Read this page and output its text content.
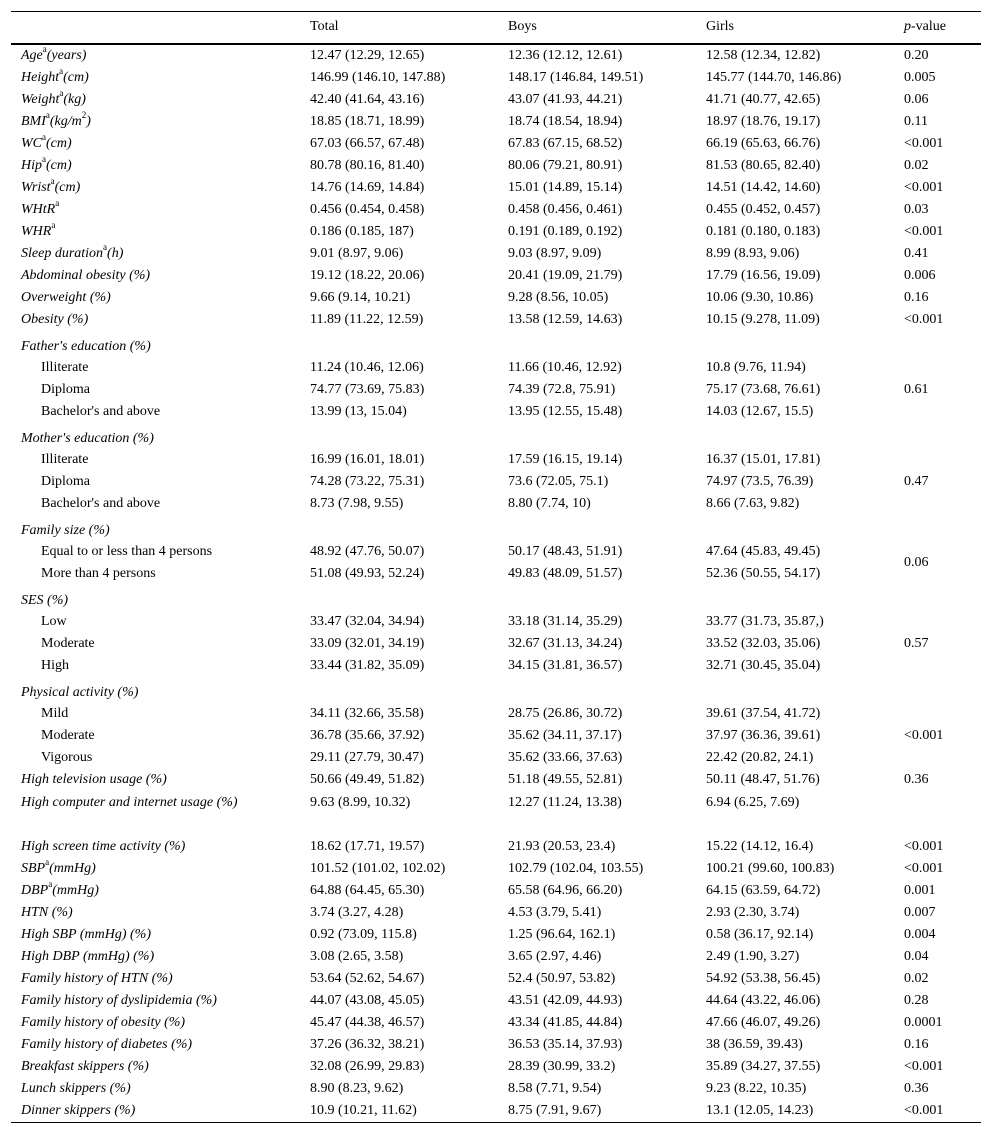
	Total	Boys	Girls	p-value
Age$^a$(years)	12.47 (12.29, 12.65)	12.36 (12.12, 12.61)	12.58 (12.34, 12.82)	0.20
Height$^a$(cm)	146.99 (146.10, 147.88)	148.17 (146.84, 149.51)	145.77 (144.70, 146.86)	0.005
Weight$^a$(kg)	42.40 (41.64, 43.16)	43.07 (41.93, 44.21)	41.71 (40.77, 42.65)	0.06
$BMI^a(kg/m^2)$	18.85 (18.71, 18.99)	18.74 (18.54, 18.94)	18.97 (18.76, 19.17)	0.11
$WC^a(cm)$	67.03 (66.57, 67.48)	67.83 (67.15, 68.52)	66.19 (65.63, 66.76)	<0.001
Hip$^a$(cm)	80.78 (80.16, 81.40)	80.06 (79.21, 80.91)	81.53 (80.65, 82.40)	0.02
Wrist$^a$(cm)	14.76 (14.69, 14.84)	15.01 (14.89, 15.14)	14.51 (14.42, 14.60)	<0.001
WHtR$^a$	0.456 (0.454, 0.458)	0.458 (0.456, 0.461)	0.455 (0.452, 0.457)	0.03
WHR$^a$	0.186 (0.185, 187)	0.191 (0.189, 0.192)	0.181 (0.180, 0.183)	<0.001
Sleep duration$^a$(h)	9.01 (8.97, 9.06)	9.03 (8.97, 9.09)	8.99 (8.93, 9.06)	0.41
Abdominal obesity (%)	19.12 (18.22, 20.06)	20.41 (19.09, 21.79)	17.79 (16.56, 19.09)	0.006
Overweight (%)	9.66 (9.14, 10.21)	9.28 (8.56, 10.05)	10.06 (9.30, 10.86)	0.16
Obesity (%)	11.89 (11.22, 12.59)	13.58 (12.59, 14.63)	10.15 (9.278, 11.09)	<0.001
Father's education (%)				
Illiterate	11.24 (10.46, 12.06)	11.66 (10.46, 12.92)	10.8 (9.76, 11.94)	0.61
Diploma	74.77 (73.69, 75.83)	74.39 (72.8, 75.91)	75.17 (73.68, 76.61)	
Bachelor's and above	13.99 (13, 15.04)	13.95 (12.55, 15.48)	14.03 (12.67, 15.5)	
Mother's education (%)				
Illiterate	16.99 (16.01, 18.01)	17.59 (16.15, 19.14)	16.37 (15.01, 17.81)	0.47
Diploma	74.28 (73.22, 75.31)	73.6 (72.05, 75.1)	74.97 (73.5, 76.39)	
Bachelor's and above	8.73 (7.98, 9.55)	8.80 (7.74, 10)	8.66 (7.63, 9.82)	
Family size (%)				
Equal to or less than 4 persons	48.92 (47.76, 50.07)	50.17 (48.43, 51.91)	47.64 (45.83, 49.45)	0.06
More than 4 persons	51.08 (49.93, 52.24)	49.83 (48.09, 51.57)	52.36 (50.55, 54.17)	
SES (%)				
Low	33.47 (32.04, 34.94)	33.18 (31.14, 35.29)	33.77 (31.73, 35.87,)	0.57
Moderate	33.09 (32.01, 34.19)	32.67 (31.13, 34.24)	33.52 (32.03, 35.06)	
High	33.44 (31.82, 35.09)	34.15 (31.81, 36.57)	32.71 (30.45, 35.04)	
Physical activity (%)				
Mild	34.11 (32.66, 35.58)	28.75 (26.86, 30.72)	39.61 (37.54, 41.72)	<0.001
Moderate	36.78 (35.66, 37.92)	35.62 (34.11, 37.17)	37.97 (36.36, 39.61)	
Vigorous	29.11 (27.79, 30.47)	35.62 (33.66, 37.63)	22.42 (20.82, 24.1)	
High television usage (%)	50.66 (49.49, 51.82)	51.18 (49.55, 52.81)	50.11 (48.47, 51.76)	0.36
High computer and internet usage (%)	9.63 (8.99, 10.32)	12.27 (11.24, 13.38)	6.94 (6.25, 7.69)	
High screen time activity (%)	18.62 (17.71, 19.57)	21.93 (20.53, 23.4)	15.22 (14.12, 16.4)	<0.001
SBP$^a$(mmHg)	101.52 (101.02, 102.02)	102.79 (102.04, 103.55)	100.21 (99.60, 100.83)	<0.001
DBP$^a$(mmHg)	64.88 (64.45, 65.30)	65.58 (64.96, 66.20)	64.15 (63.59, 64.72)	0.001
HTN (%)	3.74 (3.27, 4.28)	4.53 (3.79, 5.41)	2.93 (2.30, 3.74)	0.007
High SBP (mmHg) (%)	0.92 (73.09, 115.8)	1.25 (96.64, 162.1)	0.58 (36.17, 92.14)	0.004
High DBP (mmHg) (%)	3.08 (2.65, 3.58)	3.65 (2.97, 4.46)	2.49 (1.90, 3.27)	0.04
Family history of HTN (%)	53.64 (52.62, 54.67)	52.4 (50.97, 53.82)	54.92 (53.38, 56.45)	0.02
Family history of dyslipidemia (%)	44.07 (43.08, 45.05)	43.51 (42.09, 44.93)	44.64 (43.22, 46.06)	0.28
Family history of obesity (%)	45.47 (44.38, 46.57)	43.34 (41.85, 44.84)	47.66 (46.07, 49.26)	0.0001
Family history of diabetes (%)	37.26 (36.32, 38.21)	36.53 (35.14, 37.93)	38 (36.59, 39.43)	0.16
Breakfast skippers (%)	32.08 (26.99, 29.83)	28.39 (30.99, 33.2)	35.89 (34.27, 37.55)	<0.001
Lunch skippers (%)	8.90 (8.23, 9.62)	8.58 (7.71, 9.54)	9.23 (8.22, 10.35)	0.36
Dinner skippers (%)	10.9 (10.21, 11.62)	8.75 (7.91, 9.67)	13.1 (12.05, 14.23)	<0.001
